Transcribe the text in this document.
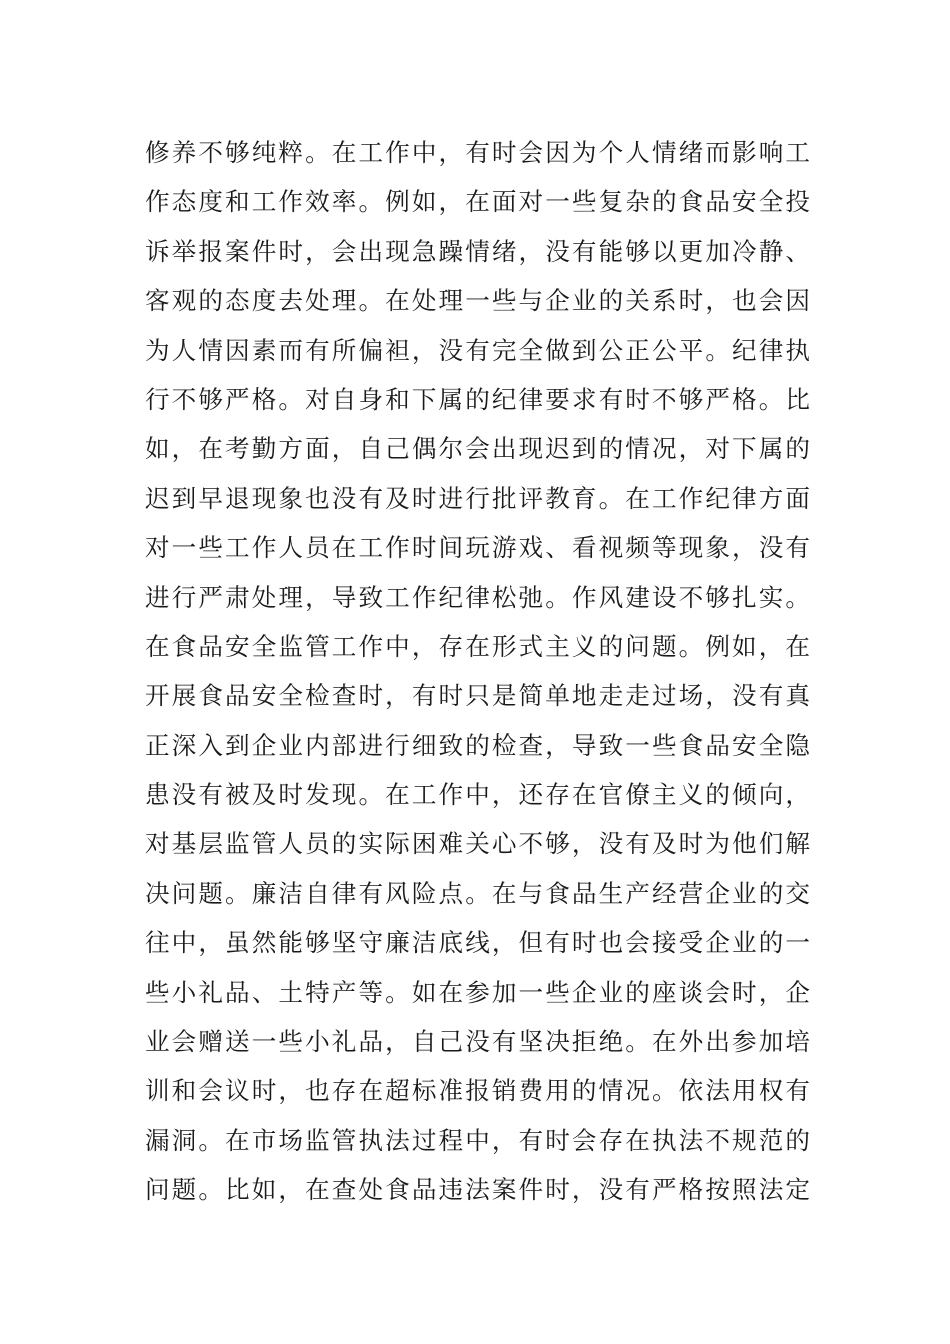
修养不够纯粹。在工作中，有时会因为个人情绪而影响工
作态度和工作效率。例如，在面对一些复杂的食品安全投
诉举报案件时，会出现急躁情绪，没有能够以更加冷静、
客观的态度去处理。在处理一些与企业的关系时，也会因
为人情因素而有所偏袒，没有完全做到公正公平。纪律执
行不够严格。对自身和下属的纪律要求有时不够严格。比
如，在考勤方面，自己偶尔会出现迟到的情况，对下属的
迟到早退现象也没有及时进行批评教育。在工作纪律方面
对一些工作人员在工作时间玩游戏、看视频等现象，没有
进行严肃处理，导致工作纪律松弛。作风建设不够扎实。
在食品安全监管工作中，存在形式主义的问题。例如，在
开展食品安全检查时，有时只是简单地走走过场，没有真
正深入到企业内部进行细致的检查，导致一些食品安全隐
患没有被及时发现。在工作中，还存在官僚主义的倾向，
对基层监管人员的实际困难关心不够，没有及时为他们解
决问题。廉洁自律有风险点。在与食品生产经营企业的交
往中，虽然能够坚守廉洁底线，但有时也会接受企业的一
些小礼品、土特产等。如在参加一些企业的座谈会时，企
业会赠送一些小礼品，自己没有坚决拒绝。在外出参加培
训和会议时，也存在超标准报销费用的情况。依法用权有
漏洞。在市场监管执法过程中，有时会存在执法不规范的
问题。比如，在查处食品违法案件时，没有严格按照法定
